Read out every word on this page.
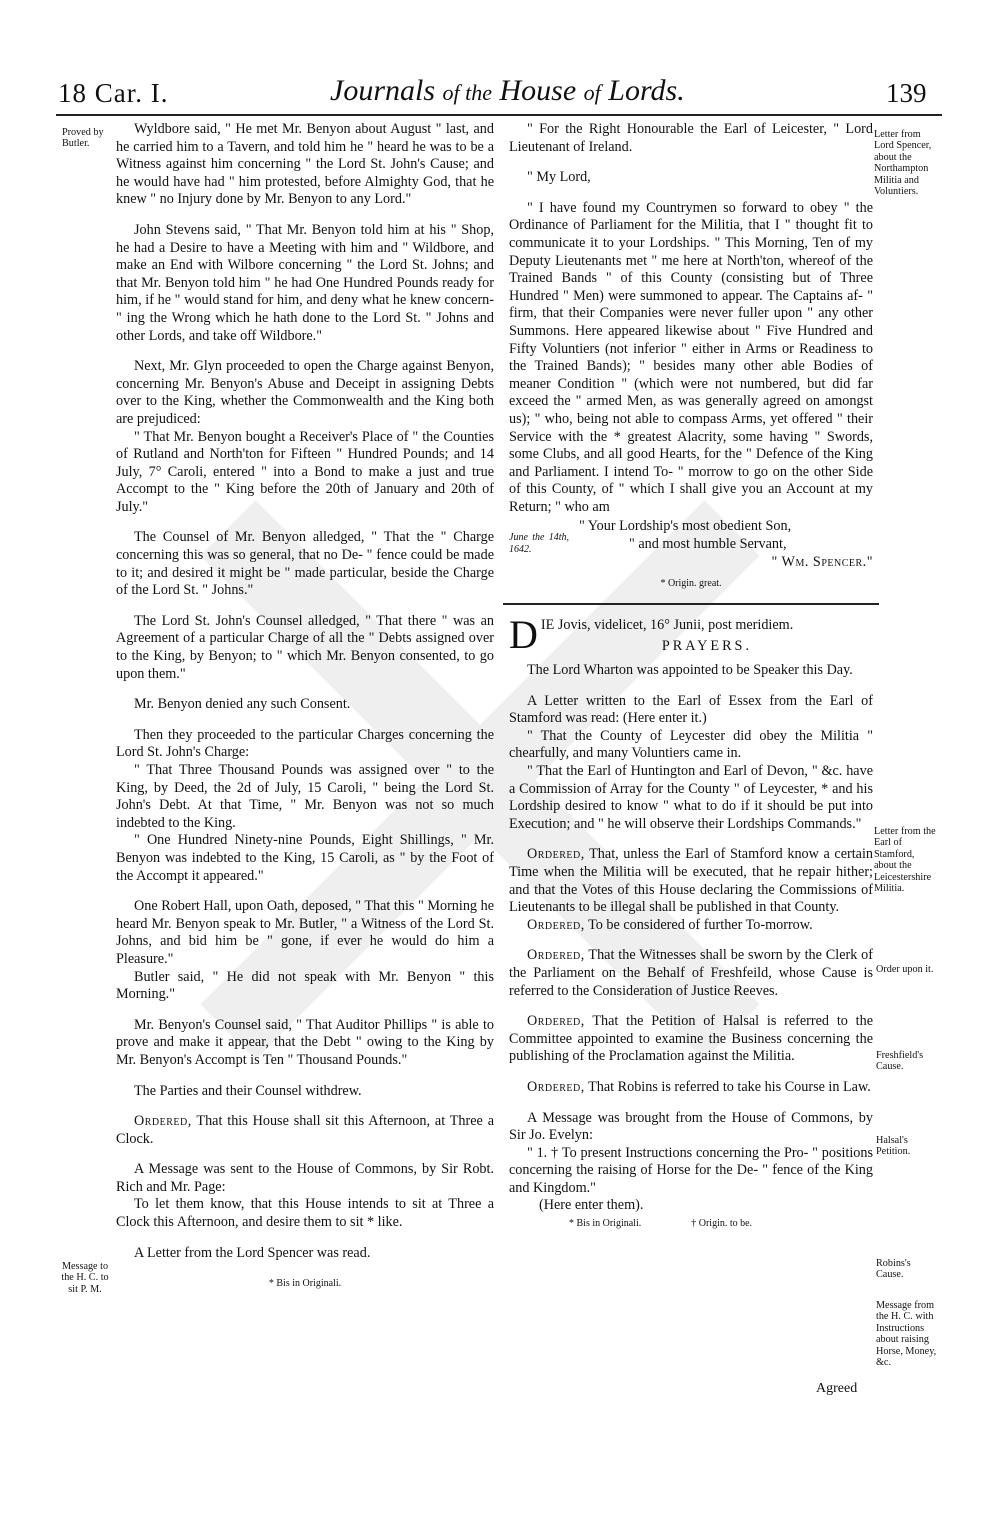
18 Car. I.	Journals of the House of Lords.	139
Proved by Butler.
Message to the H. C. to sit P. M.
Letter from Lord Spencer, about the Northampton Militia and Voluntiers.
Letter from the Earl of Stamford, about the Leicestershire Militia.
Order upon it.
Freshfield's Cause.
Halsal's Petition.
Robins's Cause.
Message from the H. C. with Instructions about raising Horse, Money, &c.

Wyldbore said, " He met Mr. Benyon about August " last, and he carried him to a Tavern, and told him he " heard he was to be a Witness against him concerning " the Lord St. John's Cause; and he would have had " him protested, before Almighty God, that he knew " no Injury done by Mr. Benyon to any Lord."

John Stevens said, " That Mr. Benyon told him at his " Shop, he had a Desire to have a Meeting with him and " Wildbore, and make an End with Wilbore concerning " the Lord St. Johns; and that Mr. Benyon told him " he had One Hundred Pounds ready for him, if he " would stand for him, and deny what he knew concern- " ing the Wrong which he hath done to the Lord St. " Johns and other Lords, and take off Wildbore."

Next, Mr. Glyn proceeded to open the Charge against Benyon, concerning Mr. Benyon's Abuse and Deceipt in assigning Debts over to the King, whether the Commonwealth and the King both are prejudiced:

" That Mr. Benyon bought a Receiver's Place of " the Counties of Rutland and North'ton for Fifteen " Hundred Pounds; and 14 July, 7° Caroli, entered " into a Bond to make a just and true Accompt to the " King before the 20th of January and 20th of July."

The Counsel of Mr. Benyon alledged, " That the " Charge concerning this was so general, that no De- " fence could be made to it; and desired it might be " made particular, beside the Charge of the Lord St. " Johns."

The Lord St. John's Counsel alledged, " That there " was an Agreement of a particular Charge of all the " Debts assigned over to the King, by Benyon; to " which Mr. Benyon consented, to go upon them."

Mr. Benyon denied any such Consent.

Then they proceeded to the particular Charges concerning the Lord St. John's Charge:

" That Three Thousand Pounds was assigned over " to the King, by Deed, the 2d of July, 15 Caroli, " being the Lord St. John's Debt. At that Time, " Mr. Benyon was not so much indebted to the King.

" One Hundred Ninety-nine Pounds, Eight Shillings, " Mr. Benyon was indebted to the King, 15 Caroli, as " by the Foot of the Accompt it appeared."

One Robert Hall, upon Oath, deposed, " That this " Morning he heard Mr. Benyon speak to Mr. Butler, " a Witness of the Lord St. Johns, and bid him be " gone, if ever he would do him a Pleasure."

Butler said, " He did not speak with Mr. Benyon " this Morning."

Mr. Benyon's Counsel said, " That Auditor Phillips " is able to prove and make it appear, that the Debt " owing to the King by Mr. Benyon's Accompt is Ten " Thousand Pounds."

The Parties and their Counsel withdrew.

Ordered, That this House shall sit this Afternoon, at Three a Clock.

A Message was sent to the House of Commons, by Sir Robt. Rich and Mr. Page:

To let them know, that this House intends to sit at Three a Clock this Afternoon, and desire them to sit * like.

A Letter from the Lord Spencer was read.

* Bis in Originali.

" For the Right Honourable the Earl of Leicester, " Lord Lieutenant of Ireland.

" My Lord,

" I have found my Countrymen so forward to obey " the Ordinance of Parliament for the Militia, that I " thought fit to communicate it to your Lordships. " This Morning, Ten of my Deputy Lieutenants met " me here at North'ton, whereof of the Trained Bands " of this County (consisting but of Three Hundred " Men) were summoned to appear. The Captains af- " firm, that their Companies were never fuller upon " any other Summons. Here appeared likewise about " Five Hundred and Fifty Voluntiers (not inferior " either in Arms or Readiness to the Trained Bands); " besides many other able Bodies of meaner Condition " (which were not numbered, but did far exceed the " armed Men, as was generally agreed on amongst us); " who, being not able to compass Arms, yet offered " their Service with the * greatest Alacrity, some having " Swords, some Clubs, and all good Hearts, for the " Defence of the King and Parliament. I intend To- " morrow to go on the other Side of this County, of " which I shall give you an Account at my Return; " who am

" Your Lordship's most obedient Son,
" and most humble Servant,
" Wm. Spencer."
June the 14th, 1642.
* Origin. great.

DIE Jovis, videlicet, 16° Junii, post meridiem.

PRAYERS.

The Lord Wharton was appointed to be Speaker this Day.

A Letter written to the Earl of Essex from the Earl of Stamford was read: (Here enter it.)

" That the County of Leycester did obey the Militia " chearfully, and many Voluntiers came in.

" That the Earl of Huntington and Earl of Devon, " &c. have a Commission of Array for the County " of Leycester, * and his Lordship desired to know " what to do if it should be put into Execution; and " he will observe their Lordships Commands."

Ordered, That, unless the Earl of Stamford know a certain Time when the Militia will be executed, that he repair hither; and that the Votes of this House declaring the Commissions of Lieutenants to be illegal shall be published in that County.

Ordered, To be considered of further To-morrow.

Ordered, That the Witnesses shall be sworn by the Clerk of the Parliament on the Behalf of Freshfeild, whose Cause is referred to the Consideration of Justice Reeves.

Ordered, That the Petition of Halsal is referred to the Committee appointed to examine the Business concerning the publishing of the Proclamation against the Militia.

Ordered, That Robins is referred to take his Course in Law.

A Message was brought from the House of Commons, by Sir Jo. Evelyn:

" 1. † To present Instructions concerning the Pro- " positions concerning the raising of Horse for the De- " fence of the King and Kingdom."

(Here enter them).

* Bis in Originali.	† Origin. to be.
Agreed
